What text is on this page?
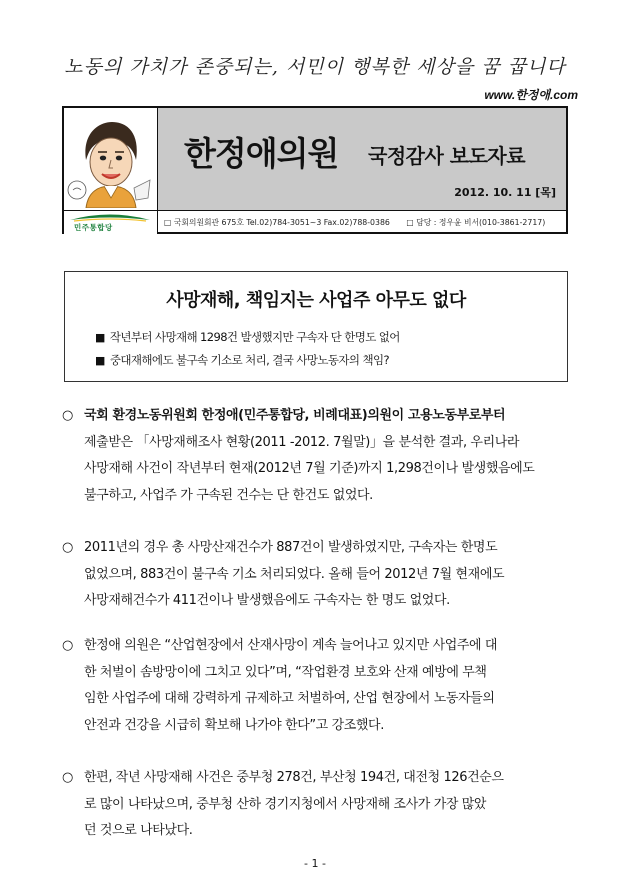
노동의 가치가 존중되는, 서민이 행복한 세상을 꿈 꿉니다
www.한정애.com
한정애의원 국정감사 보도자료
2012. 10. 11 [목]
민주통합당
□ 국회의원회관 675호 Tel.02)784-3051~3 Fax.02)788-0386 □ 담당 : 정우윤 비서(010-3861-2717)
사망재해, 책임지는 사업주 아무도 없다
■ 작년부터 사망재해 1298건 발생했지만 구속자 단 한명도 없어
■ 중대재해에도 불구속 기소로 처리, 결국 사망노동자의 책임?
○ 국회 환경노동위원회 한정애(민주통합당, 비례대표)의원이 고용노동부로부터
제출받은 「사망재해조사 현황(2011 -2012. 7월말)」을 분석한 결과, 우리나라
사망재해 사건이 작년부터 현재(2012년 7월 기준)까지 1,298건이나 발생했음에도
불구하고, 사업주 가 구속된 건수는 단 한건도 없었다.
○ 2011년의 경우 총 사망산재건수가 887건이 발생하였지만, 구속자는 한명도
없었으며, 883건이 불구속 기소 처리되었다. 올해 들어 2012년 7월 현재에도
사망재해건수가 411건이나 발생했음에도 구속자는 한 명도 없었다.
○ 한정애 의원은 “산업현장에서 산재사망이 계속 늘어나고 있지만 사업주에 대
한 처벌이 솜방망이에 그치고 있다”며, “작업환경 보호와 산재 예방에 무책
임한 사업주에 대해 강력하게 규제하고 처벌하여, 산업 현장에서 노동자들의
안전과 건강을 시급히 확보해 나가야 한다”고 강조했다.
○ 한편, 작년 사망재해 사건은 중부청 278건, 부산청 194건, 대전청 126건순으
로 많이 나타났으며, 중부청 산하 경기지청에서 사망재해 조사가 가장 많았
던 것으로 나타났다.
- 1 -
